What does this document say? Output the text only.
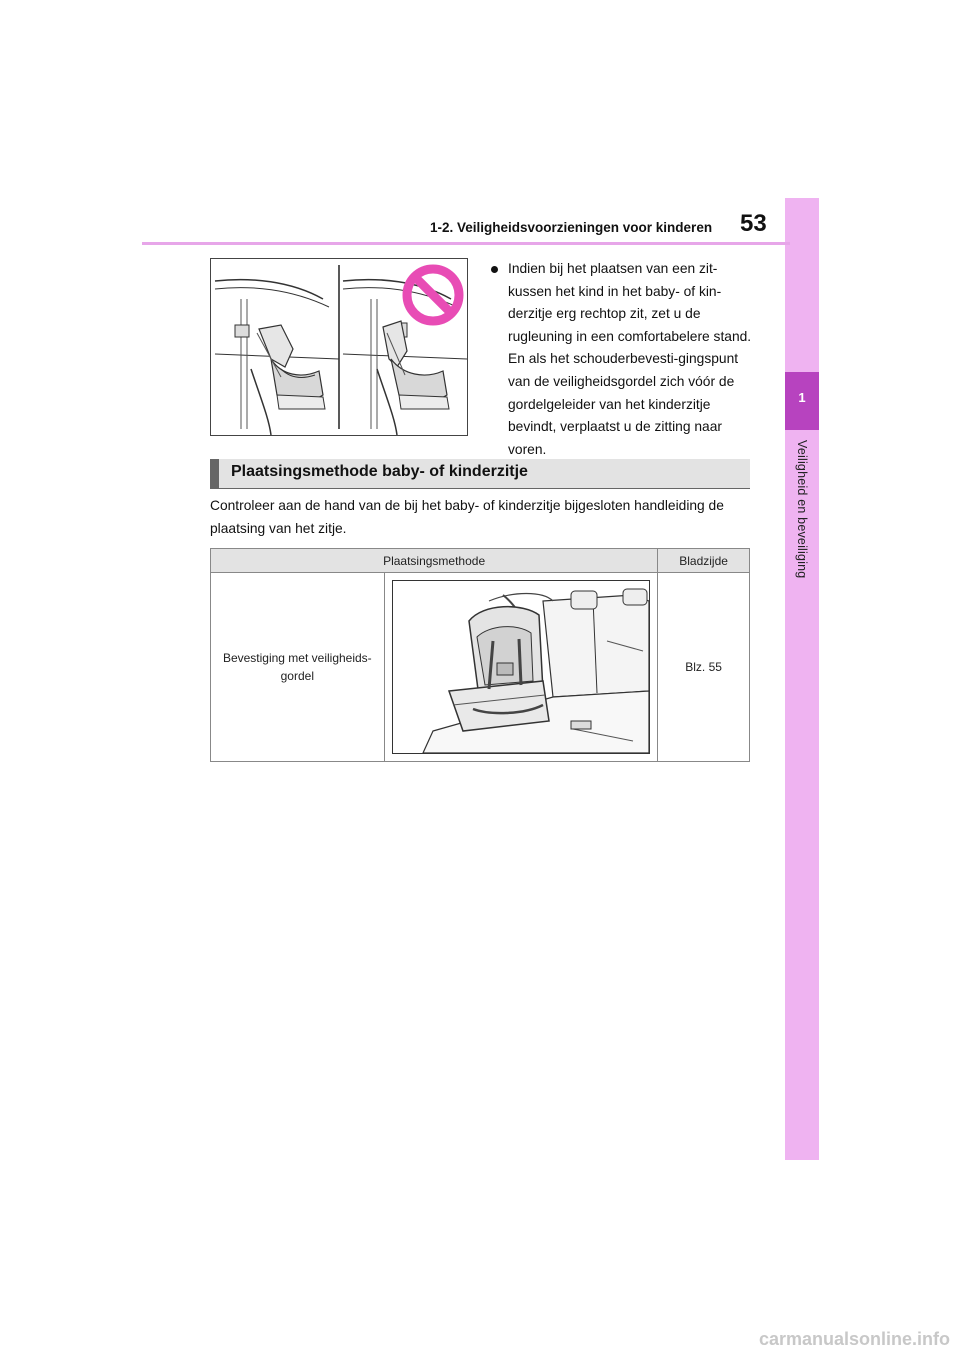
1
Veiligheid en beveiliging
1-2. Veiligheidsvoorzieningen voor kinderen 53
Indien bij het plaatsen van een zit-kussen het kind in het baby- of kin-derzitje erg rechtop zit, zet u de rugleuning in een comfortabelere stand. En als het schouderbevesti-gingspunt van de veiligheidsgordel zich vóór de gordelgeleider van het kinderzitje bevindt, verplaatst u de zitting naar voren.
Plaatsingsmethode baby- of kinderzitje
Controleer aan de hand van de bij het baby- of kinderzitje bijgesloten handleiding de plaatsing van het zitje.
Plaatsingsmethode		Bladzijde
Bevestiging met veiligheids-gordel		Blz. 55
carmanualsonline.info
